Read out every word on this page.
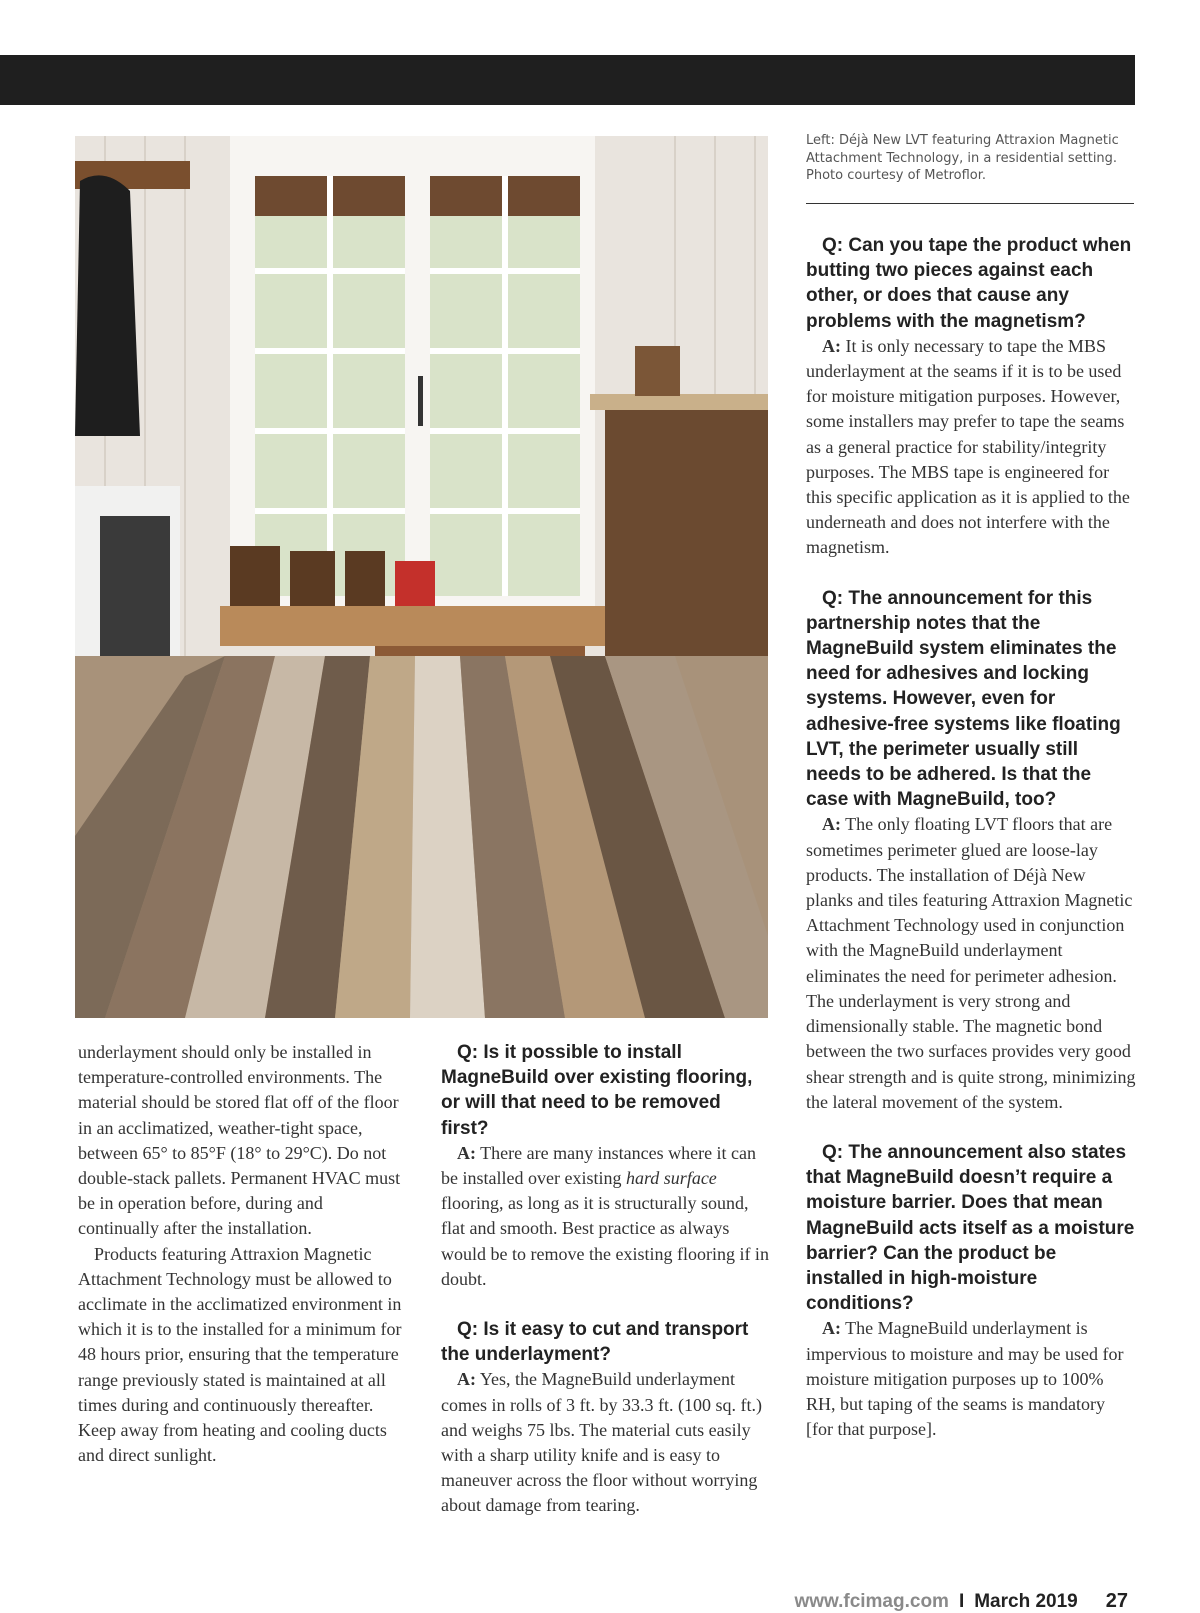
Left: Déjà New LVT featuring Attraxion Magnetic Attachment Technology, in a residential setting. Photo courtesy of Metroflor.

underlayment should only be installed in temperature-controlled environments. The material should be stored flat off of the floor in an acclimatized, weather-tight space, between 65° to 85°F (18° to 29°C). Do not double-stack pallets. Permanent HVAC must be in operation before, during and continually after the installation.

Products featuring Attraxion Magnetic Attachment Technology must be allowed to acclimate in the acclimatized environment in which it is to the installed for a minimum for 48 hours prior, ensuring that the temperature range previously stated is maintained at all times during and continuously thereafter. Keep away from heating and cooling ducts and direct sunlight.

Q: Is it possible to install MagneBuild over existing flooring, or will that need to be removed first?

A: There are many instances where it can be installed over existing hard surface flooring, as long as it is structurally sound, flat and smooth. Best practice as always would be to remove the existing flooring if in doubt.

Q: Is it easy to cut and transport the underlayment?

A: Yes, the MagneBuild underlayment comes in rolls of 3 ft. by 33.3 ft. (100 sq. ft.) and weighs 75 lbs. The material cuts easily with a sharp utility knife and is easy to maneuver across the floor without worrying about damage from tearing.

Q: Can you tape the product when butting two pieces against each other, or does that cause any problems with the magnetism?

A: It is only necessary to tape the MBS underlayment at the seams if it is to be used for moisture mitigation purposes. However, some installers may prefer to tape the seams as a general practice for stability/integrity purposes. The MBS tape is engineered for this specific application as it is applied to the underneath and does not interfere with the magnetism.

Q: The announcement for this partnership notes that the MagneBuild system eliminates the need for adhesives and locking systems. However, even for adhesive-free systems like floating LVT, the perimeter usually still needs to be adhered. Is that the case with MagneBuild, too?

A: The only floating LVT floors that are sometimes perimeter glued are loose-lay products. The installation of Déjà New planks and tiles featuring Attraxion Magnetic Attachment Technology used in conjunction with the MagneBuild underlayment eliminates the need for perimeter adhesion. The underlayment is very strong and dimensionally stable. The magnetic bond between the two surfaces provides very good shear strength and is quite strong, minimizing the lateral movement of the system.

Q: The announcement also states that MagneBuild doesn’t require a moisture barrier. Does that mean MagneBuild acts itself as a moisture barrier? Can the product be installed in high-moisture conditions?

A: The MagneBuild underlayment is impervious to moisture and may be used for moisture mitigation purposes up to 100% RH, but taping of the seams is mandatory [for that purpose].

www.fcimag.com I March 2019 27
